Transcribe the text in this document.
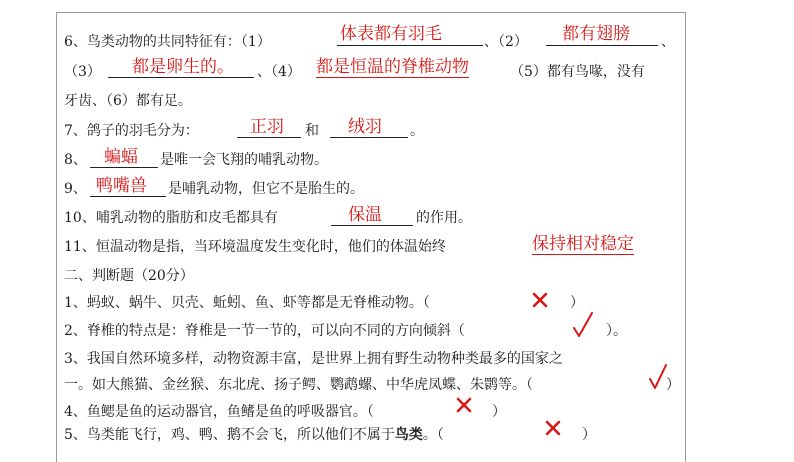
6、鸟类动物的共同特征有：（1）	体表都有羽毛	、（2） 都有翅膀 、
（3） 都是卵生的。 、（4） 都是恒温的脊椎动物	（5）都有鸟喙，没有
牙齿、（6）都有足。
7、鸽子的羽毛分为：	正羽 和 绒羽 。
8、 蝙蝠 是唯一会飞翔的哺乳动物。
9、 鸭嘴兽 是哺乳动物，但它不是胎生的。
10、哺乳动物的脂肪和皮毛都具有	保温 的作用。
11、恒温动物是指，当环境温度发生变化时，他们的体温始终	保持相对稳定
二、判断题（20分）
1、蚂蚁、蜗牛、贝壳、蚯蚓、鱼、虾等都是无脊椎动物。（	）
2、脊椎的特点是：脊椎是一节一节的，可以向不同的方向倾斜（	）。
3、我国自然环境多样，动物资源丰富，是世界上拥有野生动物种类最多的国家之
一。如大熊猫、金丝猴、东北虎、扬子鳄、鹦鹉螺、中华虎凤蝶、朱鹮等。（	）
4、鱼鳃是鱼的运动器官，鱼鳍是鱼的呼吸器官。（	）
5、鸟类能飞行，鸡、鸭、鹅不会飞，所以他们不属于鸟类。（	）
